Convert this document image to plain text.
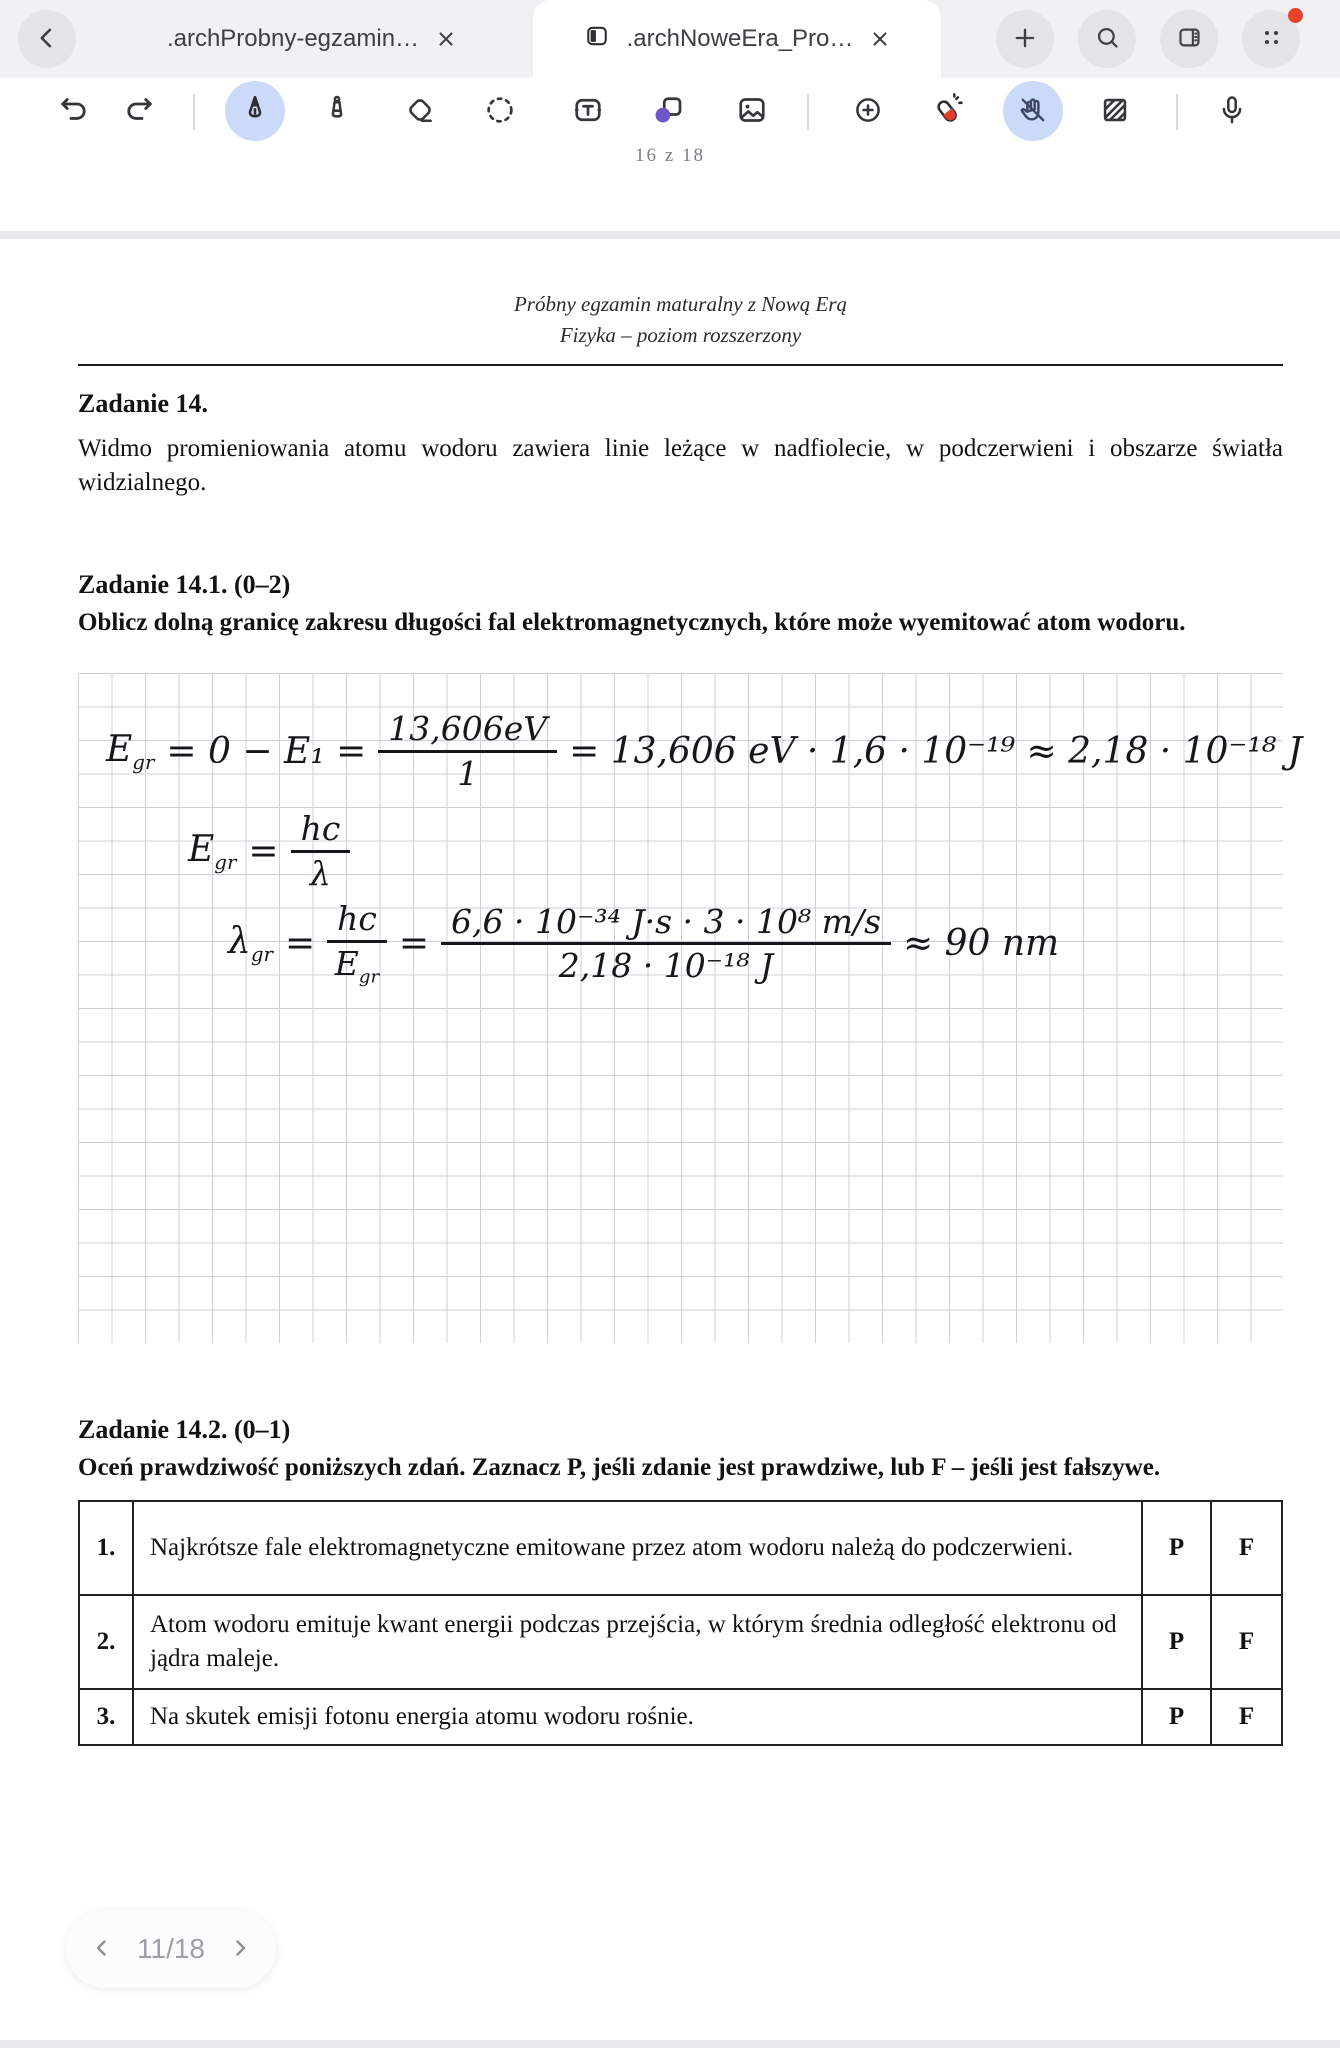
.archProbny-egzamin…	.archNoweEra_Pro…
16 z 18
Próbny egzamin maturalny z Nową Erą
Fizyka – poziom rozszerzony
Zadanie 14.
Widmo promieniowania atomu wodoru zawiera linie leżące w nadfiolecie, w podczerwieni i obszarze światła widzialnego.
Zadanie 14.1. (0–2)
Oblicz dolną granicę zakresu długości fal elektromagnetycznych, które może wyemitować atom wodoru.
$E_{gr} = 0 - E_1 = \frac{13,606eV}{1} = 13,606$ eV · 1,6 · 10⁻¹⁹ ≈ 2,18 · 10⁻¹⁸ J
$E_{gr} = \frac{hc}{\lambda}$
$\lambda_{gr} = \frac{hc}{E_{gr}} = \frac{\text{6,6 · 10⁻³⁴ J·s · 3 · 10⁸ m/s}}{\text{2,18 · 10⁻¹⁸ J}} \approx 90$ nm
Zadanie 14.2. (0–1)
Oceń prawdziwość poniższych zdań. Zaznacz P, jeśli zdanie jest prawdziwe, lub F – jeśli jest fałszywe.
1.	Najkrótsze fale elektromagnetyczne emitowane przez atom wodoru należą do podczerwieni.	P	F
2.	Atom wodoru emituje kwant energii podczas przejścia, w którym średnia odległość elektronu od jądra maleje.	P	F
3.	Na skutek emisji fotonu energia atomu wodoru rośnie.	P	F
11/18
